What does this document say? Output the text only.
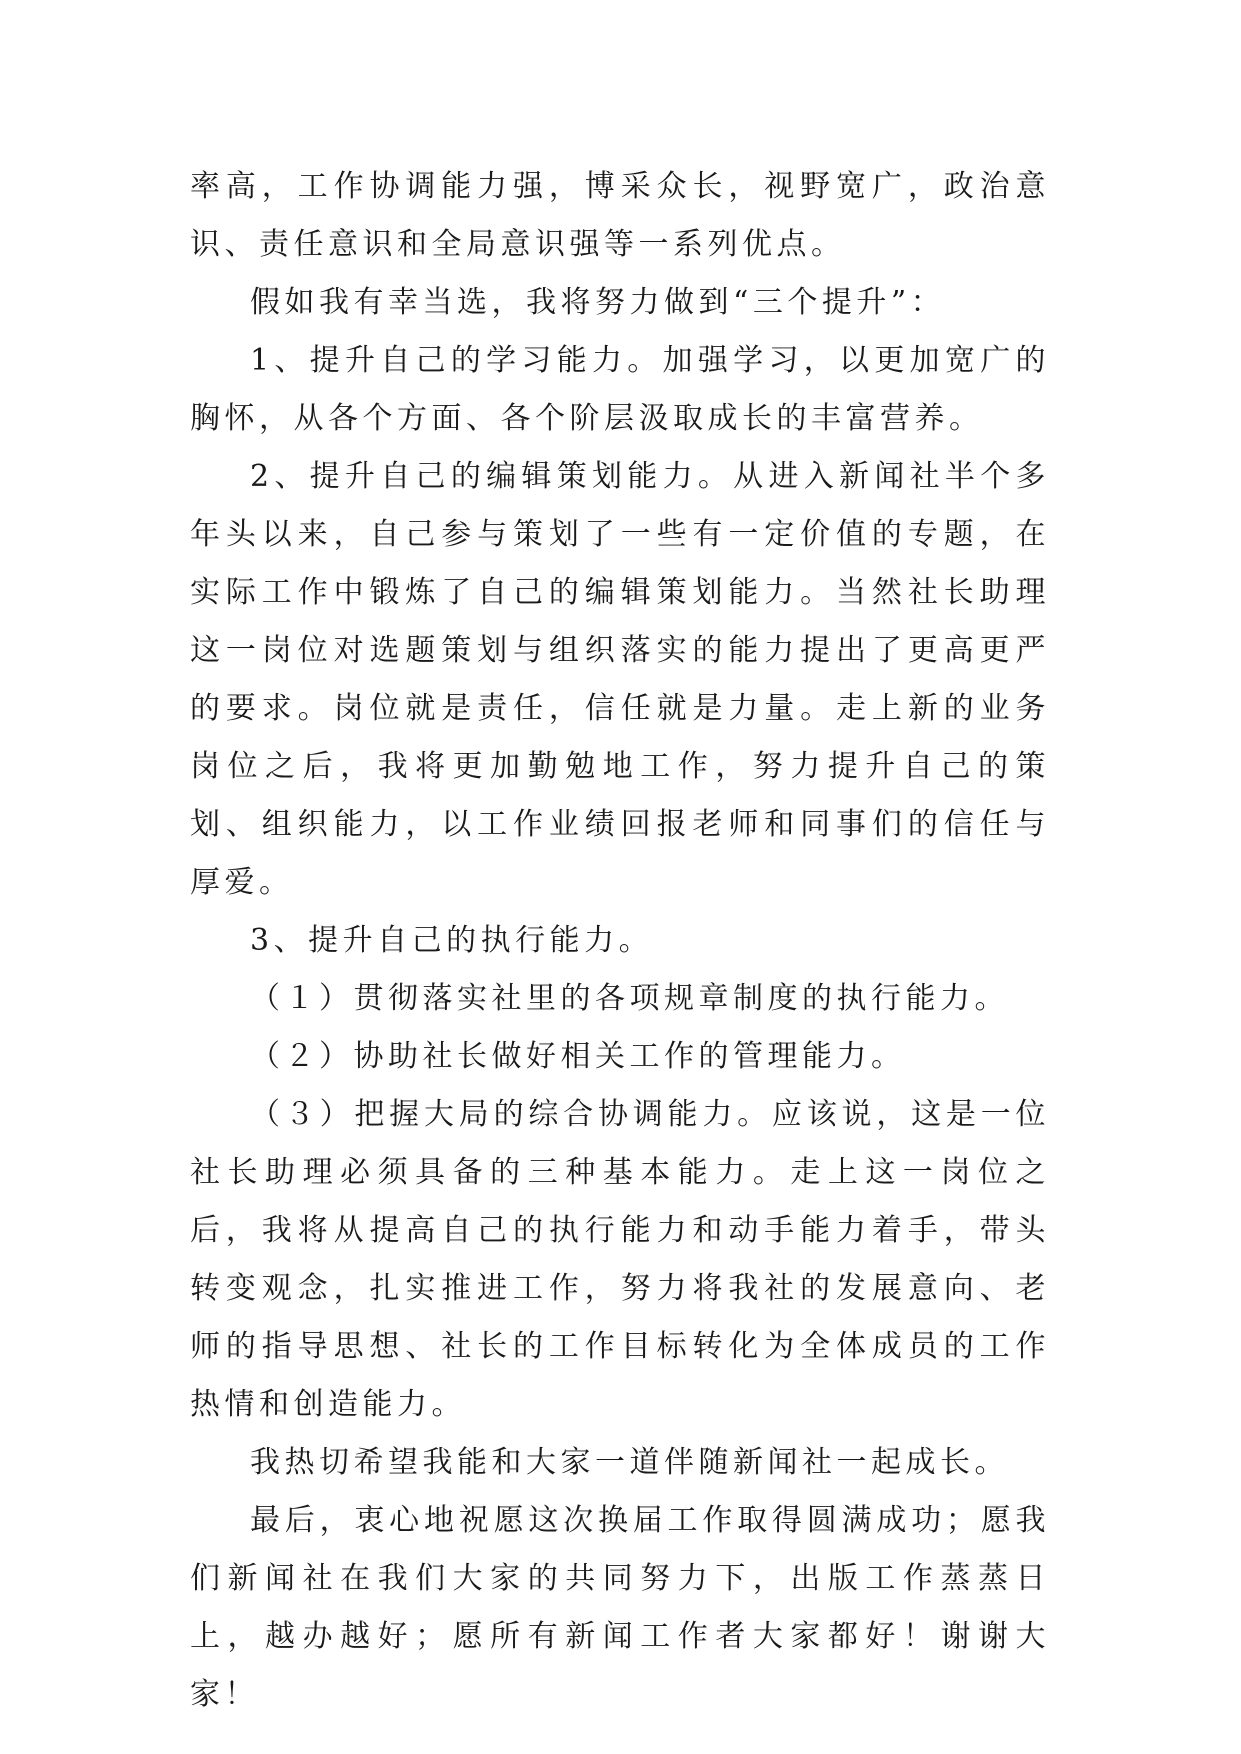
率高，工作协调能力强，博采众长，视野宽广，政治意识、责任意识和全局意识强等一系列优点。

假如我有幸当选，我将努力做到“三个提升”：

1、提升自己的学习能力。加强学习，以更加宽广的胸怀，从各个方面、各个阶层汲取成长的丰富营养。

2、提升自己的编辑策划能力。从进入新闻社半个多年头以来，自己参与策划了一些有一定价值的专题，在实际工作中锻炼了自己的编辑策划能力。当然社长助理这一岗位对选题策划与组织落实的能力提出了更高更严的要求。岗位就是责任，信任就是力量。走上新的业务岗位之后，我将更加勤勉地工作，努力提升自己的策划、组织能力，以工作业绩回报老师和同事们的信任与厚爱。

3、提升自己的执行能力。

（１）贯彻落实社里的各项规章制度的执行能力。

（２）协助社长做好相关工作的管理能力。

（３）把握大局的综合协调能力。应该说，这是一位社长助理必须具备的三种基本能力。走上这一岗位之后，我将从提高自己的执行能力和动手能力着手，带头转变观念，扎实推进工作，努力将我社的发展意向、老师的指导思想、社长的工作目标转化为全体成员的工作热情和创造能力。

我热切希望我能和大家一道伴随新闻社一起成长。

最后，衷心地祝愿这次换届工作取得圆满成功；愿我们新闻社在我们大家的共同努力下，出版工作蒸蒸日上，越办越好；愿所有新闻工作者大家都好！谢谢大家！
